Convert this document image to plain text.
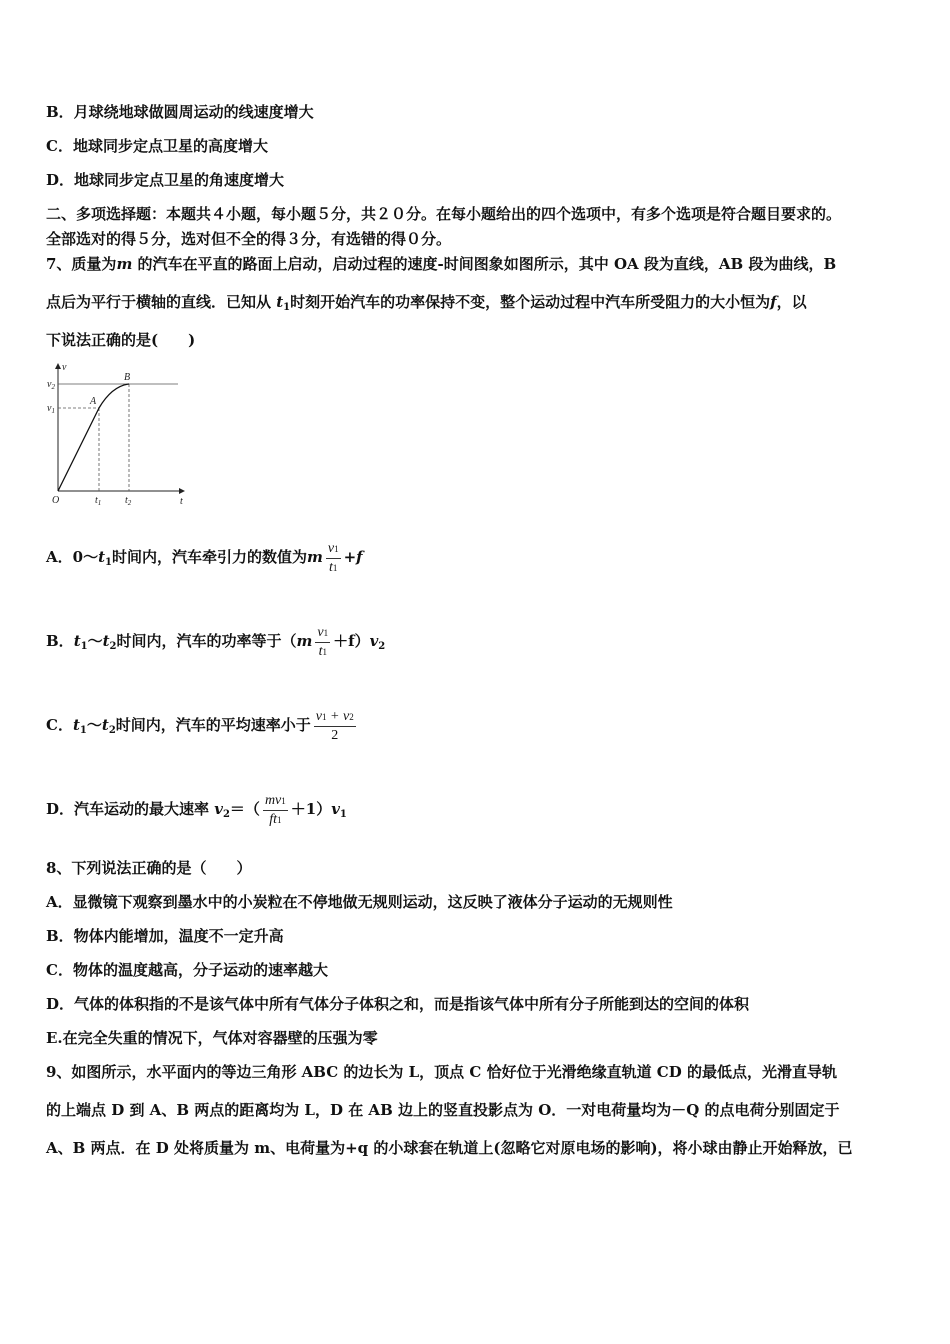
B．月球绕地球做圆周运动的线速度增大
C．地球同步定点卫星的高度增大
D．地球同步定点卫星的角速度增大
二、多项选择题：本题共４小题，每小题５分，共２０分。在每小题给出的四个选项中，有多个选项是符合题目要求的。
全部选对的得５分，选对但不全的得３分，有选错的得０分。
7、质量为m 的汽车在平直的路面上启动，启动过程的速度-时间图象如图所示，其中 OA 段为直线，AB 段为曲线，B
点后为平行于横轴的直线．已知从 $t_1$时刻开始汽车的功率保持不变，整个运动过程中汽车所受阻力的大小恒为f，以
下说法正确的是(　　)
v
t
O
A
B
$v_2$
$v_1$
$t_1$ $t_2$
A．$0\sim t_1$时间内，汽车牵引力的数值为m $\frac{v1}{t1} +f$
B．$t_1\sim t_2$时间内，汽车的功率等于$(m \frac{v1}{t1} +f)v_2$
C．$t_1\sim t_2$时间内，汽车的平均速率小于 $\frac{v1 + v2}{2}$
D．汽车运动的最大速率 $v_2=( \frac{mv1}{ft1} +1)v_1$
8、下列说法正确的是（　　）
A．显微镜下观察到墨水中的小炭粒在不停地做无规则运动，这反映了液体分子运动的无规则性
B．物体内能增加，温度不一定升高
C．物体的温度越高，分子运动的速率越大
D．气体的体积指的不是该气体中所有气体分子体积之和，而是指该气体中所有分子所能到达的空间的体积
E.在完全失重的情况下，气体对容器壁的压强为零
9、如图所示，水平面内的等边三角形 ABC 的边长为 L，顶点 C 恰好位于光滑绝缘直轨道 CD 的最低点，光滑直导轨
的上端点 D 到 A、B 两点的距离均为 L，D 在 AB 边上的竖直投影点为 O．一对电荷量均为－Q 的点电荷分别固定于
A、B 两点．在 D 处将质量为 m、电荷量为+q 的小球套在轨道上(忽略它对原电场的影响)，将小球由静止开始释放，已
